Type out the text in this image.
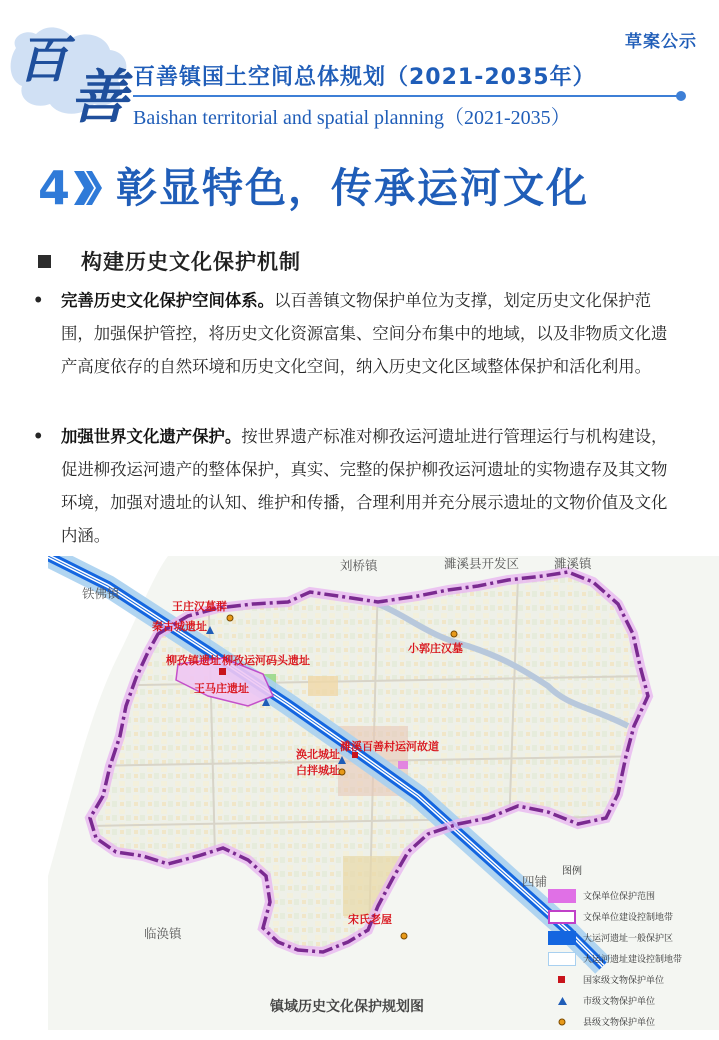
百
善
草案公示
百善镇国土空间总体规划（2021-2035年）
Baishan territorial and spatial planning（2021-2035）
4 彰显特色，传承运河文化
构建历史文化保护机制
• 完善历史文化保护空间体系。以百善镇文物保护单位为支撑，划定历史文化保护范围，加强保护管控，将历史文化资源富集、空间分布集中的地域，以及非物质文化遗产高度依存的自然环境和历史文化空间，纳入历史文化区域整体保护和活化利用。
• 加强世界文化遗产保护。按世界遗产标准对柳孜运河遗址进行管理运行与机构建设，促进柳孜运河遗产的整体保护，真实、完整的保护柳孜运河遗址的实物遗存及其文物环境，加强对遗址的认知、维护和传播，合理利用并充分展示遗址的文物价值及文化内涵。
王庄汉墓群
秦古城遗址
柳孜镇遗址 柳孜运河码头遗址
王马庄遗址
小郭庄汉墓
濉溪百善村运河故道
涣北城址
白拌城址
宋氏老屋
刘桥镇	濉溪县开发区	濉溪镇
铁佛镇
临涣镇
四铺
镇域历史文化保护规划图
图例
文保单位保护范围
文保单位建设控制地带
大运河遗址一般保护区
大运河遗址建设控制地带
国家级文物保护单位
市级文物保护单位
县级文物保护单位
